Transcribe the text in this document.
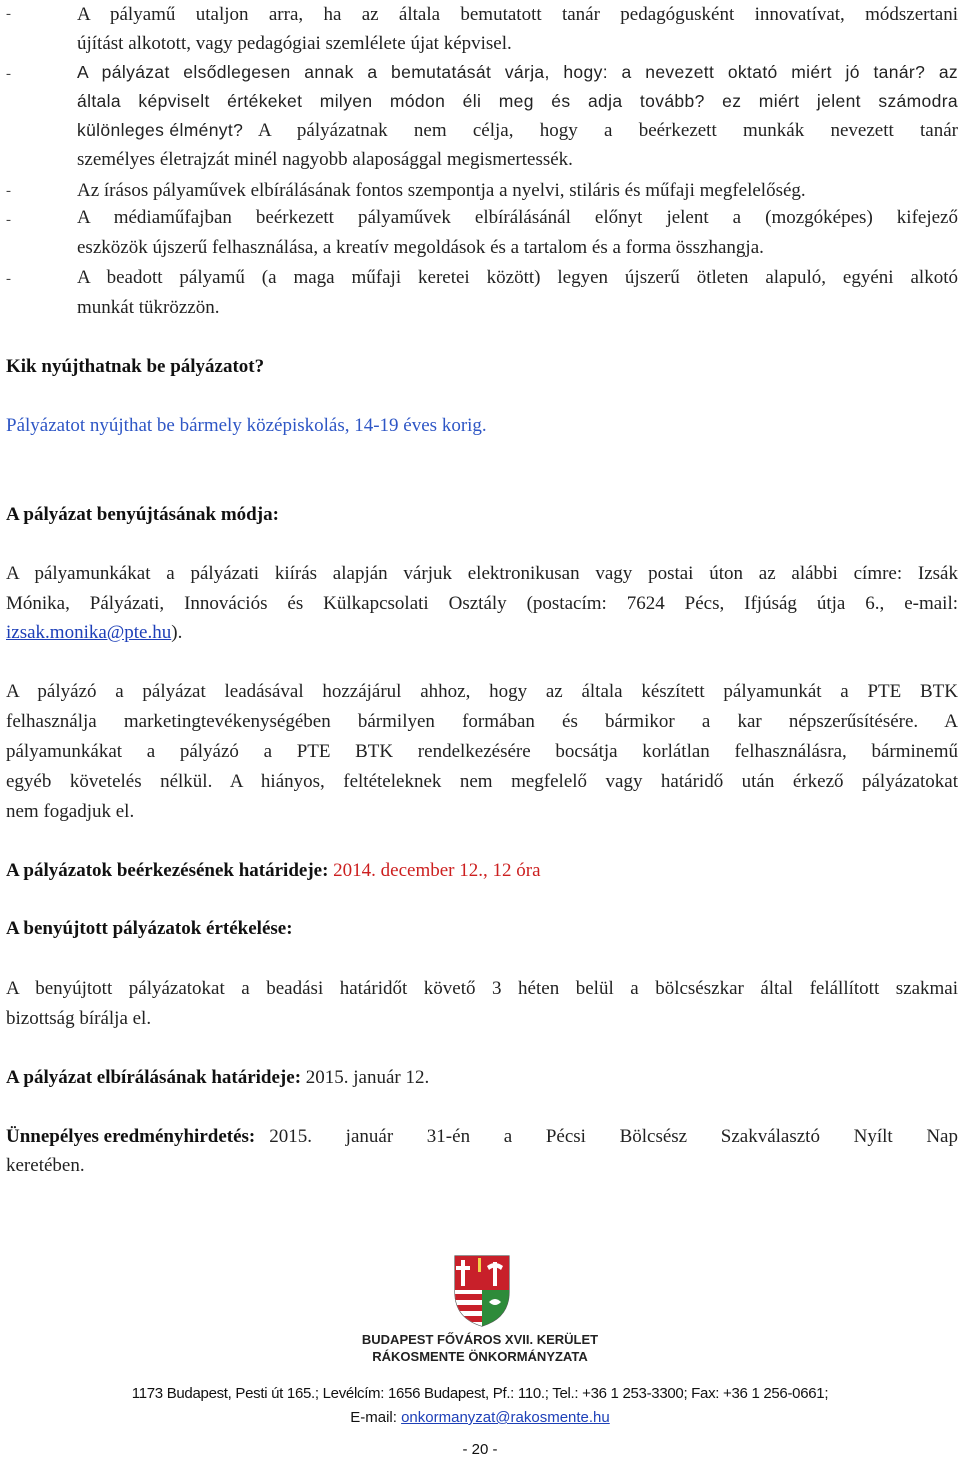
-	A pályamű utaljon arra, ha az általa bemutatott tanár pedagógusként innovatívat, módszertani
újítást alkotott, vagy pedagógiai szemlélete újat képvisel.
-	A pályázat elsődlegesen annak a bemutatását várja, hogy: a nevezett oktató miért jó tanár? az
általa képviselt értékeket milyen módon éli meg és adja tovább? ez miért jelent számodra
különleges élményt? A pályázatnak nem célja, hogy a beérkezett munkák nevezett tanár
személyes életrajzát minél nagyobb alaposággal megismertessék.
-	Az írásos pályaművek elbírálásának fontos szempontja a nyelvi, stiláris és műfaji megfelelőség.
-	A médiaműfajban beérkezett pályaművek elbírálásánál előnyt jelent a (mozgóképes) kifejező
eszközök újszerű felhasználása, a kreatív megoldások és a tartalom és a forma összhangja.
-	A beadott pályamű (a maga műfaji keretei között) legyen újszerű ötleten alapuló, egyéni alkotó
munkát tükrözzön.
Kik nyújthatnak be pályázatot?
Pályázatot nyújthat be bármely középiskolás, 14-19 éves korig.
A pályázat benyújtásának módja:
A pályamunkákat a pályázati kiírás alapján várjuk elektronikusan vagy postai úton az alábbi címre: Izsák
Mónika, Pályázati, Innovációs és Külkapcsolati Osztály (postacím: 7624 Pécs, Ifjúság útja 6., e-mail:
izsak.monika@pte.hu).
A pályázó a pályázat leadásával hozzájárul ahhoz, hogy az általa készített pályamunkát a PTE BTK
felhasználja marketingtevékenységében bármilyen formában és bármikor a kar népszerűsítésére. A
pályamunkákat a pályázó a PTE BTK rendelkezésére bocsátja korlátlan felhasználásra, bárminemű
egyéb követelés nélkül. A hiányos, feltételeknek nem megfelelő vagy határidő után érkező pályázatokat
nem fogadjuk el.
A pályázatok beérkezésének határideje: 2014. december 12., 12 óra
A benyújtott pályázatok értékelése:
A benyújtott pályázatokat a beadási határidőt követő 3 héten belül a bölcsészkar által felállított szakmai
bizottság bírálja el.
A pályázat elbírálásának határideje: 2015. január 12.
Ünnepélyes eredményhirdetés: 2015. január 31-én a Pécsi Bölcsész Szakválasztó Nyílt Nap
keretében.
BUDAPEST FŐVÁROS XVII. KERÜLET
RÁKOSMENTE ÖNKORMÁNYZATA
1173 Budapest, Pesti út 165.; Levélcím: 1656 Budapest, Pf.: 110.; Tel.: +36 1 253-3300; Fax: +36 1 256-0661;
E-mail: onkormanyzat@rakosmente.hu
- 20 -
